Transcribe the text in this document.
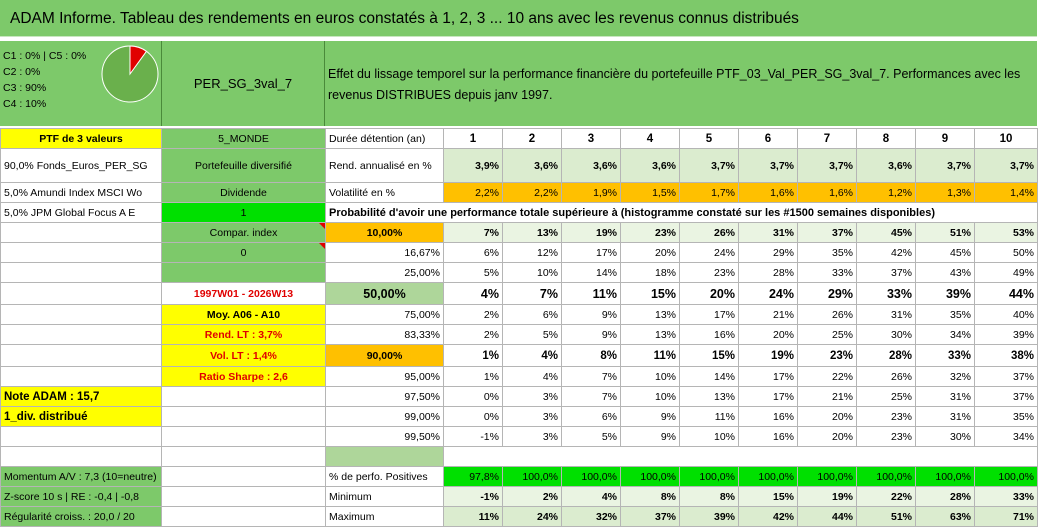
ADAM Informe. Tableau des rendements en euros constatés à 1, 2, 3 ... 10 ans avec les revenus connus distribués
C1 : 0% | C5 : 0%
C2 : 0%
C3 : 90%
C4 : 10%
PER_SG_3val_7
Effet du lissage temporel sur la performance financière du portefeuille PTF_03_Val_PER_SG_3val_7. Performances avec les revenus DISTRIBUES depuis janv 1997.
PTF de 3 valeurs	5_MONDE	Durée détention (an)	1	2	3	4	5	6	7	8	9	10
90,0% Fonds_Euros_PER_SG	Portefeuille diversifié	Rend. annualisé en %	3,9%	3,6%	3,6%	3,6%	3,7%	3,7%	3,7%	3,6%	3,7%	3,7%
5,0% Amundi Index MSCI Wo	Dividende	Volatilité en %	2,2%	2,2%	1,9%	1,5%	1,7%	1,6%	1,6%	1,2%	1,3%	1,4%
5,0% JPM Global Focus A E	1	Probabilité d'avoir une performance totale supérieure à (histogramme constaté sur les #1500 semaines disponibles)										
	Compar. index	10,00%	7%	13%	19%	23%	26%	31%	37%	45%	51%	53%
	0	16,67%	6%	12%	17%	20%	24%	29%	35%	42%	45%	50%
		25,00%	5%	10%	14%	18%	23%	28%	33%	37%	43%	49%
	1997W01 - 2026W13	50,00%	4%	7%	11%	15%	20%	24%	29%	33%	39%	44%
	Moy. A06 - A10	75,00%	2%	6%	9%	13%	17%	21%	26%	31%	35%	40%
	Rend. LT : 3,7%	83,33%	2%	5%	9%	13%	16%	20%	25%	30%	34%	39%
	Vol. LT : 1,4%	90,00%	1%	4%	8%	11%	15%	19%	23%	28%	33%	38%
	Ratio Sharpe : 2,6	95,00%	1%	4%	7%	10%	14%	17%	22%	26%	32%	37%
Note ADAM : 15,7		97,50%	0%	3%	7%	10%	13%	17%	21%	25%	31%	37%
1_div. distribué		99,00%	0%	3%	6%	9%	11%	16%	20%	23%	31%	35%
		99,50%	-1%	3%	5%	9%	10%	16%	20%	23%	30%	34%

Momentum A/V : 7,3 (10=neutre)		% de perfo. Positives	97,8%	100,0%	100,0%	100,0%	100,0%	100,0%	100,0%	100,0%	100,0%	100,0%
Z-score 10 s | RE : -0,4 | -0,8		Minimum	-1%	2%	4%	8%	8%	15%	19%	22%	28%	33%
Régularité croiss. : 20,0 / 20		Maximum	11%	24%	32%	37%	39%	42%	44%	51%	63%	71%
